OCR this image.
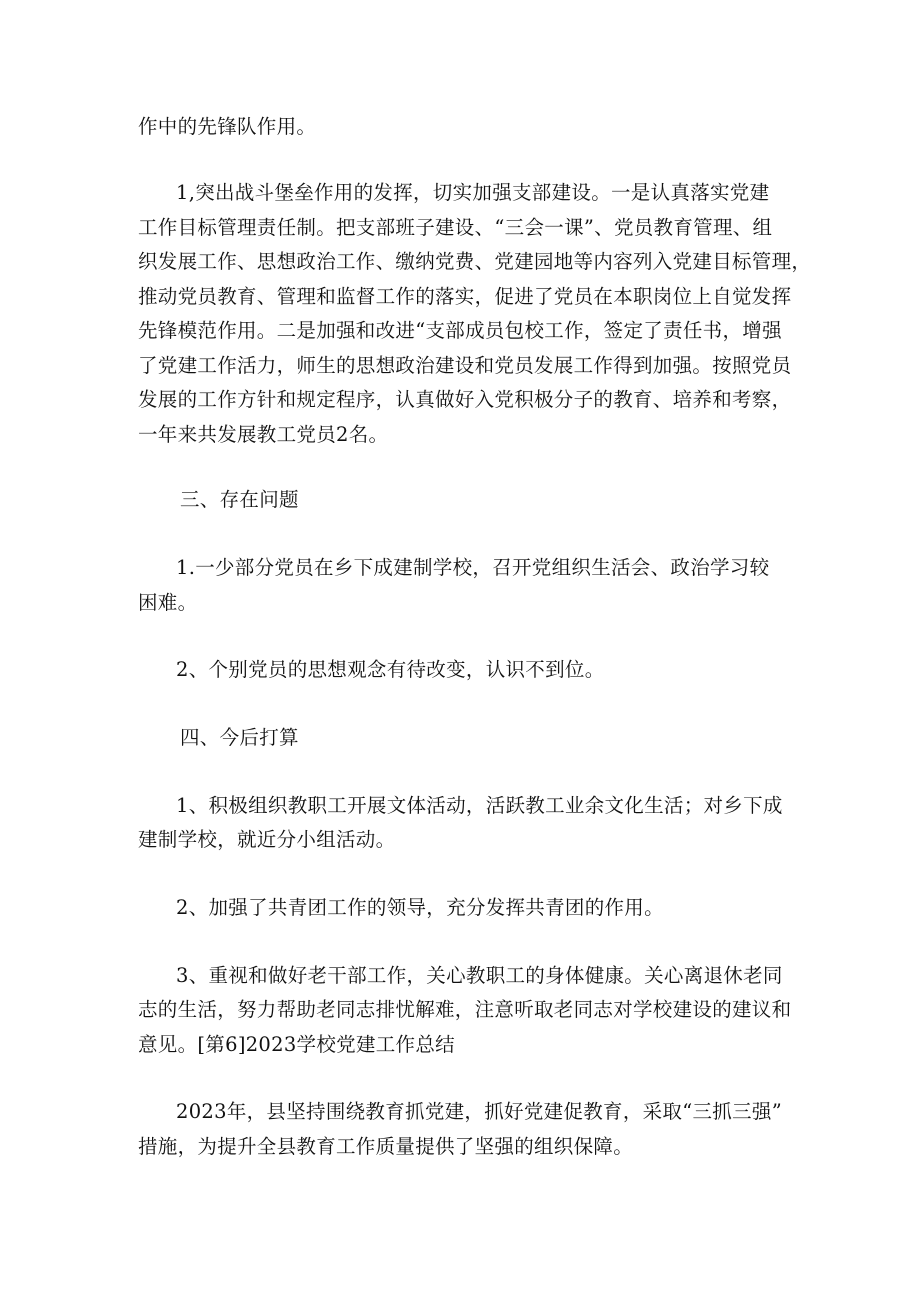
作中的先锋队作用。
1,突出战斗堡垒作用的发挥，切实加强支部建设。一是认真落实党建
工作目标管理责任制。把支部班子建设、“三会一课”、党员教育管理、组
织发展工作、思想政治工作、缴纳党费、党建园地等内容列入党建目标管理，
推动党员教育、管理和监督工作的落实，促进了党员在本职岗位上自觉发挥
先锋模范作用。二是加强和改进“支部成员包校工作，签定了责任书，增强
了党建工作活力，师生的思想政治建设和党员发展工作得到加强。按照党员
发展的工作方针和规定程序，认真做好入党积极分子的教育、培养和考察，
一年来共发展教工党员2名。
三、存在问题
1.一少部分党员在乡下成建制学校，召开党组织生活会、政治学习较
困难。
2、个别党员的思想观念有待改变，认识不到位。
四、今后打算
1、积极组织教职工开展文体活动，活跃教工业余文化生活；对乡下成
建制学校，就近分小组活动。
2、加强了共青团工作的领导，充分发挥共青团的作用。
3、重视和做好老干部工作，关心教职工的身体健康。关心离退休老同
志的生活，努力帮助老同志排忧解难，注意听取老同志对学校建设的建议和
意见。[第6]2023学校党建工作总结
2023年，县坚持围绕教育抓党建，抓好党建促教育，采取“三抓三强”
措施，为提升全县教育工作质量提供了坚强的组织保障。
